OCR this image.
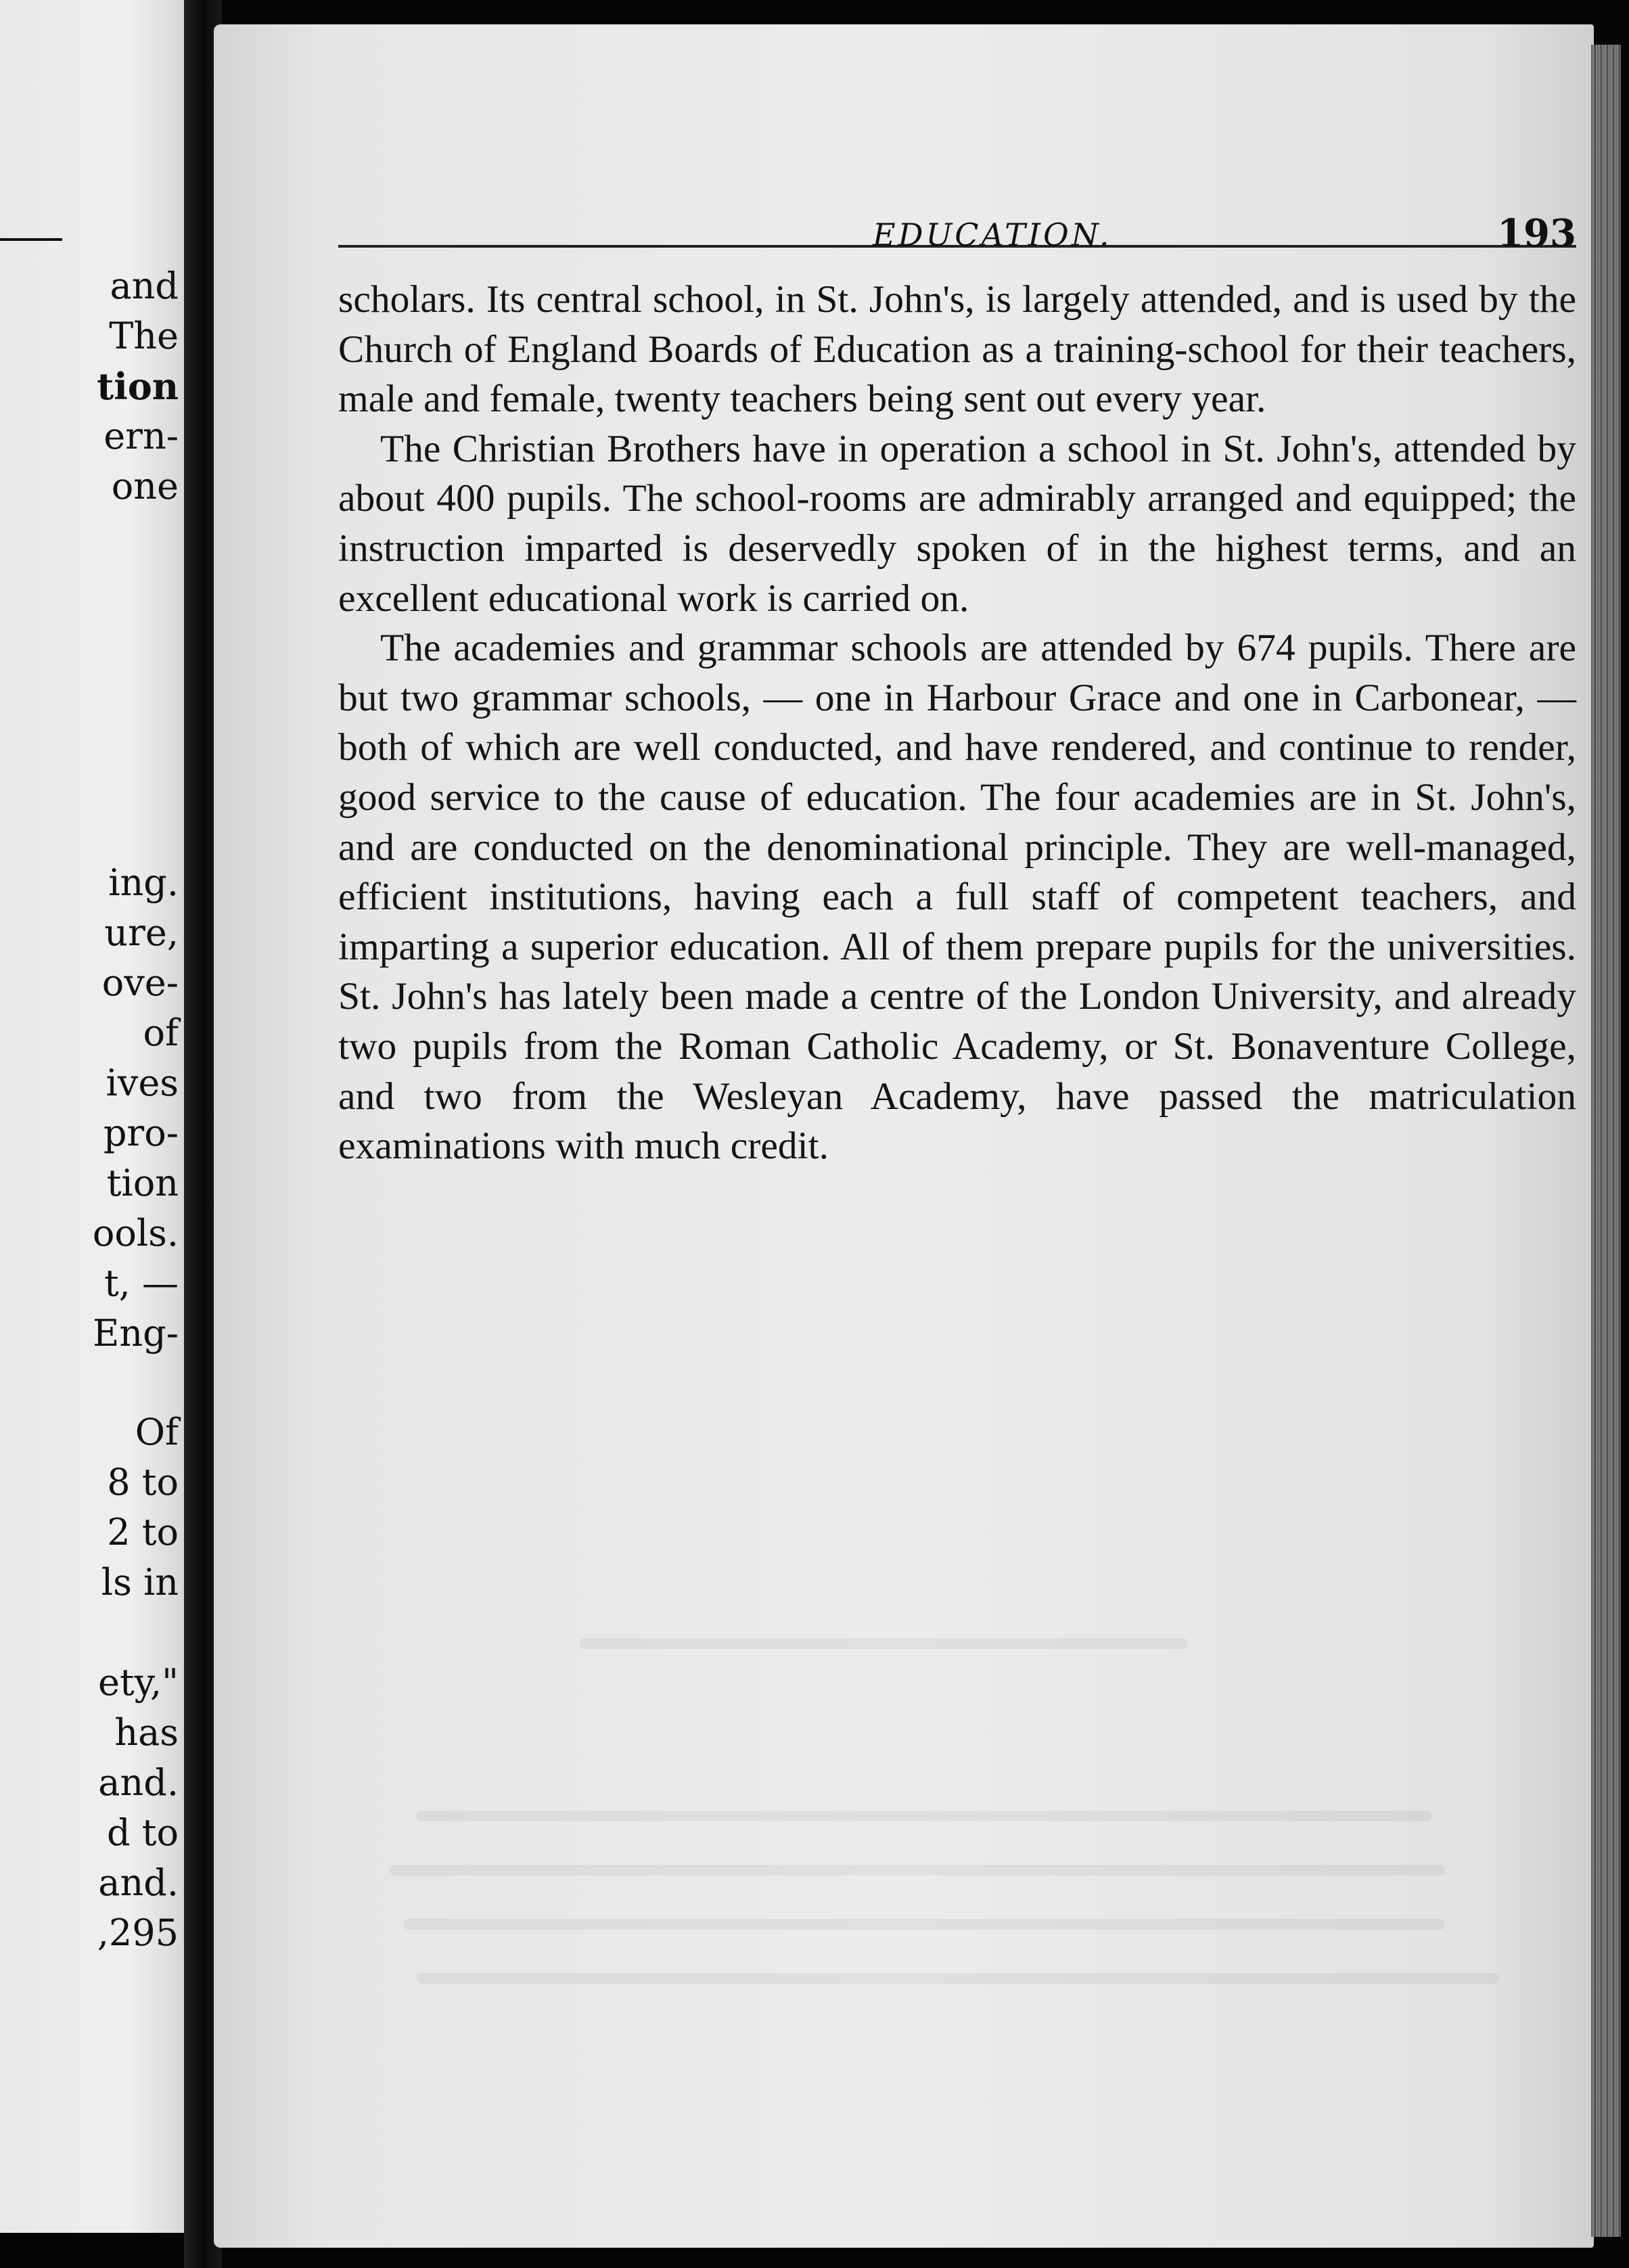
and
The
tion
ern-
one
ing.
ure,
ove-
of
ives
pro-
tion
ools.
t, —
Eng-
Of
8 to
2 to
ls in
ety,"
has
and.
d to
and.
,295
EDUCATION.	193

scholars. Its central school, in St. John's, is largely attended, and is used by the Church of England Boards of Education as a training-school for their teachers, male and female, twenty teachers being sent out every year.

The Christian Brothers have in operation a school in St. John's, attended by about 400 pupils. The school-rooms are admirably arranged and equipped; the instruction imparted is deservedly spoken of in the highest terms, and an excellent educational work is carried on.

The academies and grammar schools are attended by 674 pupils. There are but two grammar schools, — one in Harbour Grace and one in Carbonear, — both of which are well conducted, and have rendered, and continue to render, good service to the cause of education. The four academies are in St. John's, and are conducted on the denominational principle. They are well-managed, efficient institutions, having each a full staff of competent teachers, and imparting a superior education. All of them prepare pupils for the universities. St. John's has lately been made a centre of the London University, and already two pupils from the Roman Catholic Academy, or St. Bonaventure College, and two from the Wesleyan Academy, have passed the matriculation examinations with much credit.
